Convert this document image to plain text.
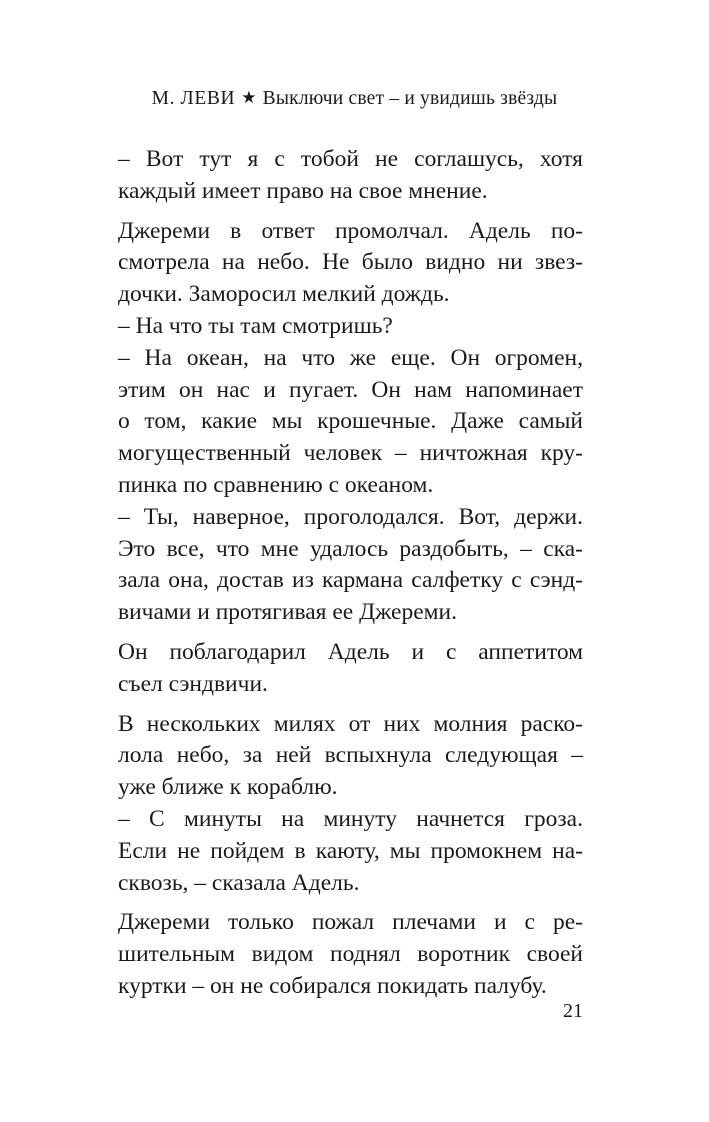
М. ЛЕВИ ★ Выключи свет – и увидишь звёзды

– Вот тут я с тобой не соглашусь, хотя
каждый имеет право на свое мнение.

Джереми в ответ промолчал. Адель по-
смотрела на небо. Не было видно ни звез-
дочки. Заморосил мелкий дождь.

– На что ты там смотришь?

– На океан, на что же еще. Он огромен,
этим он нас и пугает. Он нам напоминает
о том, какие мы крошечные. Даже самый
могущественный человек – ничтожная кру-
пинка по сравнению с океаном.

– Ты, наверное, проголодался. Вот, держи.
Это все, что мне удалось раздобыть, – ска-
зала она, достав из кармана салфетку с сэнд-
вичами и протягивая ее Джереми.

Он поблагодарил Адель и с аппетитом
съел сэндвичи.

В нескольких милях от них молния раско-
лола небо, за ней вспыхнула следующая –
уже ближе к кораблю.

– С минуты на минуту начнется гроза.
Если не пойдем в каюту, мы промокнем на-
сквозь, – сказала Адель.

Джереми только пожал плечами и с ре-
шительным видом поднял воротник своей
куртки – он не собирался покидать палубу.

21
